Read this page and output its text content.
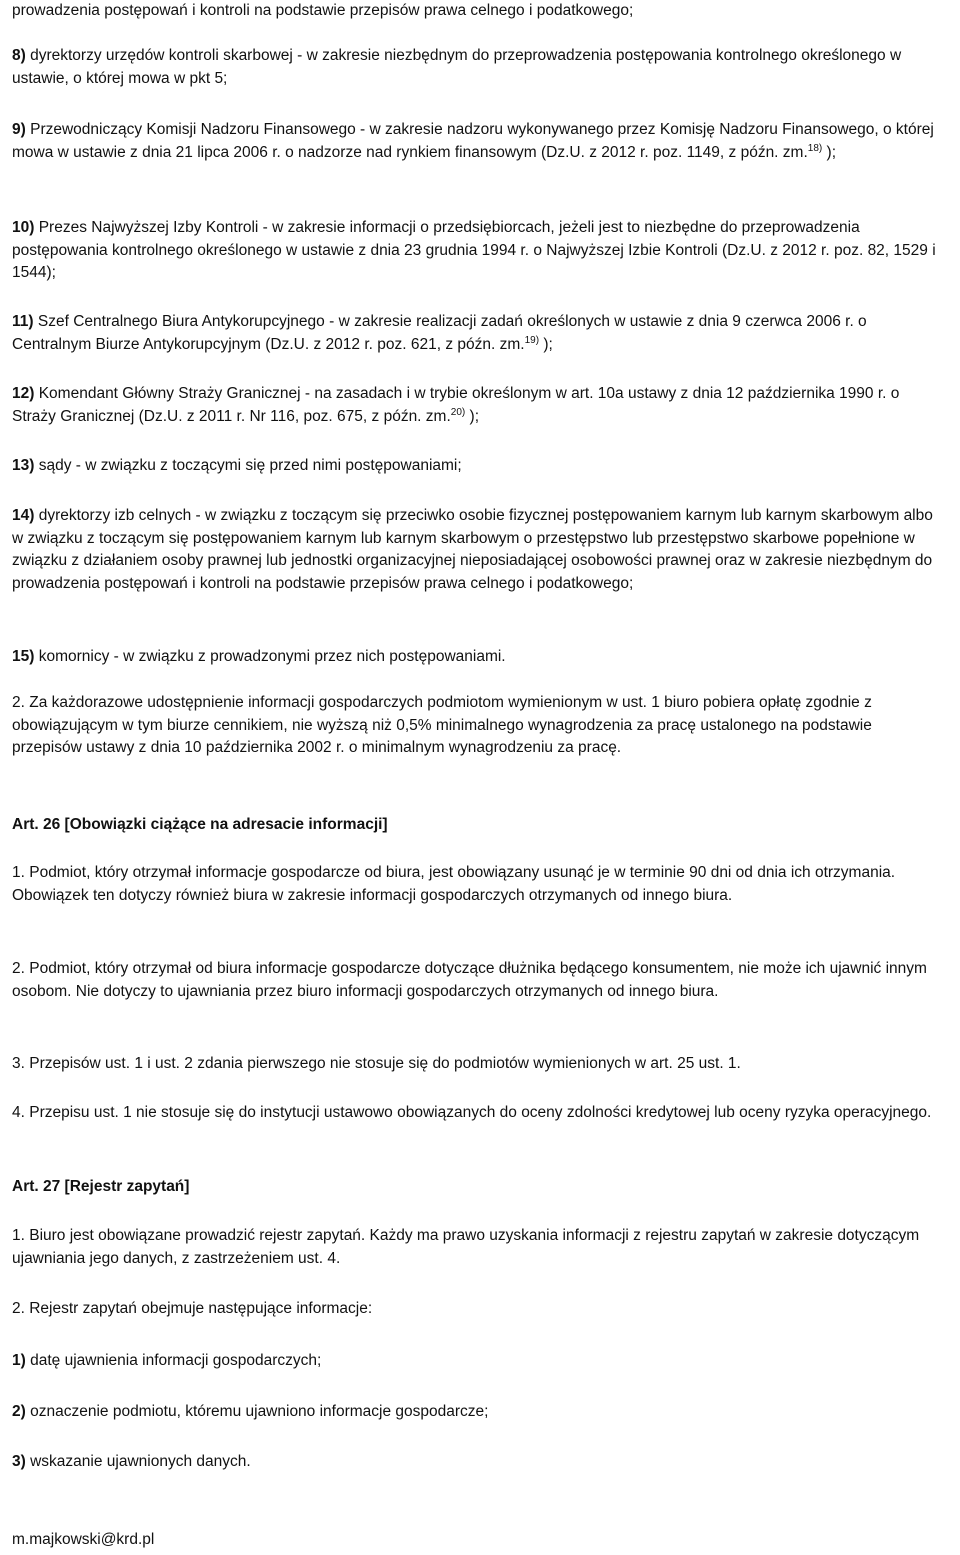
prowadzenia postępowań i kontroli na podstawie przepisów prawa celnego i podatkowego;

8) dyrektorzy urzędów kontroli skarbowej - w zakresie niezbędnym do przeprowadzenia postępowania kontrolnego określonego w ustawie, o której mowa w pkt 5;

9) Przewodniczący Komisji Nadzoru Finansowego - w zakresie nadzoru wykonywanego przez Komisję Nadzoru Finansowego, o której mowa w ustawie z dnia 21 lipca 2006 r. o nadzorze nad rynkiem finansowym (Dz.U. z 2012 r. poz. 1149, z późn. zm.$^{18)}$ );

10) Prezes Najwyższej Izby Kontroli - w zakresie informacji o przedsiębiorcach, jeżeli jest to niezbędne do przeprowadzenia postępowania kontrolnego określonego w ustawie z dnia 23 grudnia 1994 r. o Najwyższej Izbie Kontroli (Dz.U. z 2012 r. poz. 82, 1529 i 1544);

11) Szef Centralnego Biura Antykorupcyjnego - w zakresie realizacji zadań określonych w ustawie z dnia 9 czerwca 2006 r. o Centralnym Biurze Antykorupcyjnym (Dz.U. z 2012 r. poz. 621, z późn. zm.$^{19)}$ );

12) Komendant Główny Straży Granicznej - na zasadach i w trybie określonym w art. 10a ustawy z dnia 12 października 1990 r. o Straży Granicznej (Dz.U. z 2011 r. Nr 116, poz. 675, z późn. zm.$^{20)}$ );

13) sądy - w związku z toczącymi się przed nimi postępowaniami;

14) dyrektorzy izb celnych - w związku z toczącym się przeciwko osobie fizycznej postępowaniem karnym lub karnym skarbowym albo w związku z toczącym się postępowaniem karnym lub karnym skarbowym o przestępstwo lub przestępstwo skarbowe popełnione w związku z działaniem osoby prawnej lub jednostki organizacyjnej nieposiadającej osobowości prawnej oraz w zakresie niezbędnym do prowadzenia postępowań i kontroli na podstawie przepisów prawa celnego i podatkowego;

15) komornicy - w związku z prowadzonymi przez nich postępowaniami.

2. Za każdorazowe udostępnienie informacji gospodarczych podmiotom wymienionym w ust. 1 biuro pobiera opłatę zgodnie z obowiązującym w tym biurze cennikiem, nie wyższą niż 0,5% minimalnego wynagrodzenia za pracę ustalonego na podstawie przepisów ustawy z dnia 10 października 2002 r. o minimalnym wynagrodzeniu za pracę.

Art. 26 [Obowiązki ciążące na adresacie informacji]

1. Podmiot, który otrzymał informacje gospodarcze od biura, jest obowiązany usunąć je w terminie 90 dni od dnia ich otrzymania. Obowiązek ten dotyczy również biura w zakresie informacji gospodarczych otrzymanych od innego biura.

2. Podmiot, który otrzymał od biura informacje gospodarcze dotyczące dłużnika będącego konsumentem, nie może ich ujawnić innym osobom. Nie dotyczy to ujawniania przez biuro informacji gospodarczych otrzymanych od innego biura.

3. Przepisów ust. 1 i ust. 2 zdania pierwszego nie stosuje się do podmiotów wymienionych w art. 25 ust. 1.

4. Przepisu ust. 1 nie stosuje się do instytucji ustawowo obowiązanych do oceny zdolności kredytowej lub oceny ryzyka operacyjnego.

Art. 27 [Rejestr zapytań]

1. Biuro jest obowiązane prowadzić rejestr zapytań. Każdy ma prawo uzyskania informacji z rejestru zapytań w zakresie dotyczącym ujawniania jego danych, z zastrzeżeniem ust. 4.

2. Rejestr zapytań obejmuje następujące informacje:

1) datę ujawnienia informacji gospodarczych;

2) oznaczenie podmiotu, któremu ujawniono informacje gospodarcze;

3) wskazanie ujawnionych danych.

m.majkowski@krd.pl
